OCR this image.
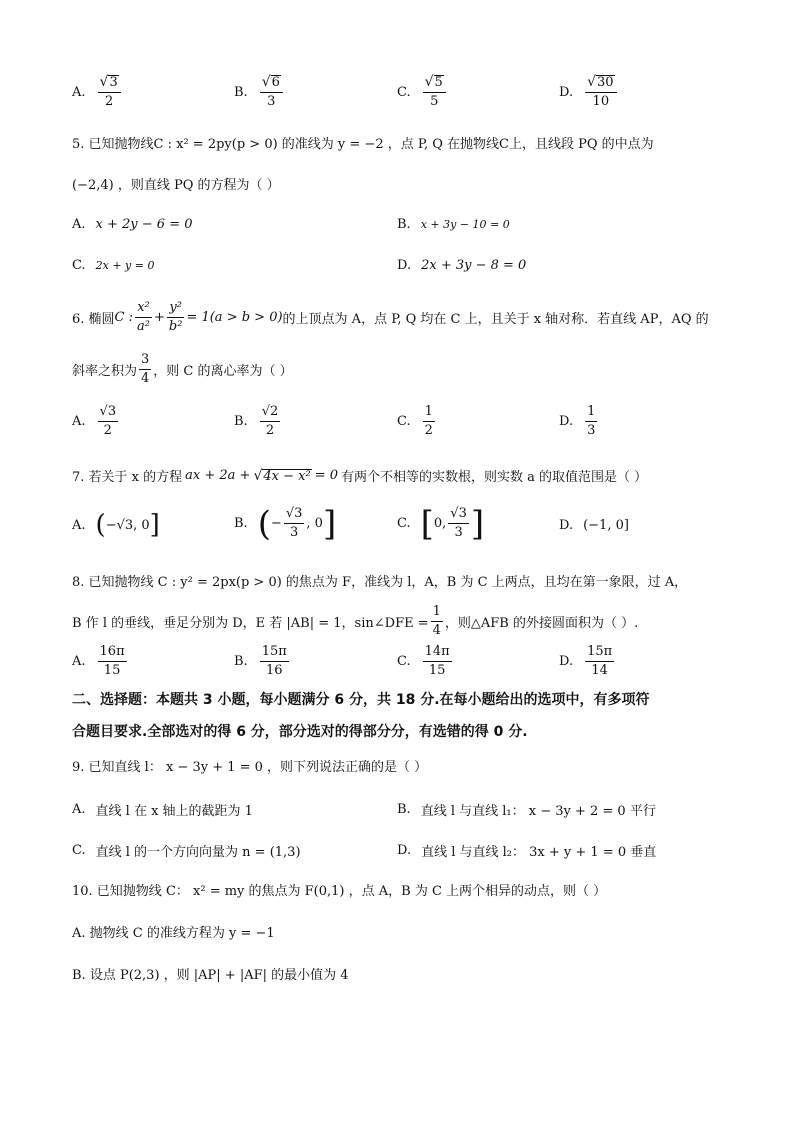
A. $\frac{√ 3}{2}$	B. $\frac{√ 6}{3}$	C. $\frac{√ 5}{5}$	D. $\frac{√ 30}{10}$
5. 已知抛物线C : x² = 2py(p > 0) 的准线为 y = −2 ，点 P, Q 在抛物线C上，且线段 PQ 的中点为
(−2,4) ，则直线 PQ 的方程为（ ）
A. x + 2y − 6 = 0	B. x + 3y − 10 = 0
C. 2x + y = 0	D. 2x + 3y − 8 = 0
6. 椭圆 C : $\frac{\text{x²}}{\text{a²}} + \frac{\text{y²}}{\text{b²}} = 1(a > b > 0)$ 的上顶点为 A，点 P, Q 均在 C 上，且关于 x 轴对称．若直线 AP，AQ 的
斜率之积为 $\frac{3}{4}$ ，则 C 的离心率为（ ）
A. $\frac{√3}{2}$	B. $\frac{√2}{2}$	C. $\frac{1}{2}$	D. $\frac{1}{3}$
7. 若关于 x 的方程 ax + 2a + √ 4x − x² = 0 有两个不相等的实数根，则实数 a 的取值范围是（ ）
A. ( −√3, 0 ]	B. ( − $\frac{√3}{3}$ , 0 ]	C. [ 0, $\frac{√3}{3}$ ]	D. (−1, 0]
8. 已知抛物线 C : y² = 2px(p > 0) 的焦点为 F，准线为 l，A，B 为 C 上两点，且均在第一象限，过 A，
B 作 l 的垂线，垂足分别为 D，E 若 |AB| = 1，sin∠DFE = $\frac{1}{4}$ ，则△AFB 的外接圆面积为（ ）.
A. $\frac{16\pi}{15}$	B. $\frac{15\pi}{16}$	C. $\frac{14\pi}{15}$	D. $\frac{15\pi}{14}$
二、选择题：本题共 3 小题，每小题满分 6 分，共 18 分.在每小题给出的选项中，有多项符
合题目要求.全部选对的得 6 分，部分选对的得部分分，有选错的得 0 分.
9. 已知直线 l： x − 3y + 1 = 0 ，则下列说法正确的是（ ）
A. 直线 l 在 x 轴上的截距为 1	B. 直线 l 与直线 l₁： x − 3y + 2 = 0 平行
C. 直线 l 的一个方向向量为 n = (1,3)	D. 直线 l 与直线 l₂： 3x + y + 1 = 0 垂直
10. 已知抛物线 C： x² = my 的焦点为 F(0,1) ，点 A，B 为 C 上两个相异的动点，则（ ）
A. 抛物线 C 的准线方程为 y = −1
B. 设点 P(2,3) ，则 |AP| + |AF| 的最小值为 4
